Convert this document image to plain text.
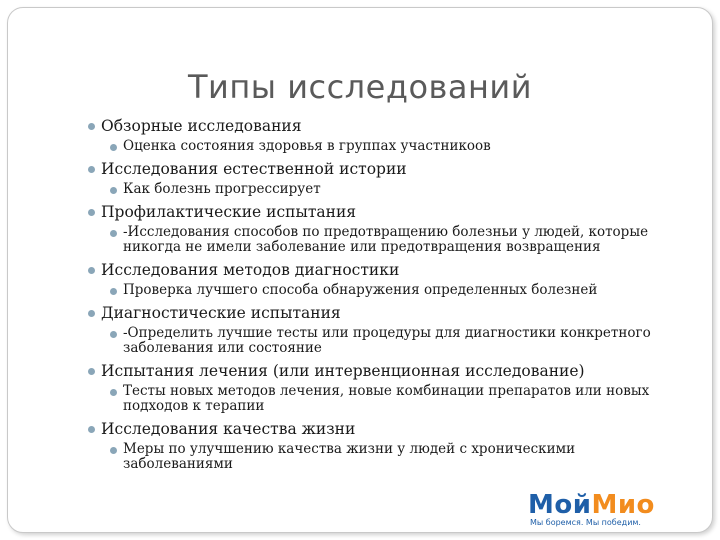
Типы исследований
Обзорные исследования
Оценка состояния здоровья в группах участникоов
Исследования естественной истории
Как болезнь прогрессирует
Профилактические испытания
-Исследования способов по предотвращению болезньи у людей, которые никогда не имели заболевание или предотвращения возвращения
Исследования методов диагностики
Проверка лучшего способа обнаружения определенных болезней
Диагностические испытания
-Определить лучшие тесты или процедуры для диагностики конкретного заболевания или состояние
Испытания лечения (или интервенционная исследование)
Тесты новых методов лечения, новые комбинации препаратов или новых подходов к терапии
Исследования качества жизни
Меры по улучшению качества жизни у людей с хроническими заболеваниями
МойМио
Мы боремся. Мы победим.
